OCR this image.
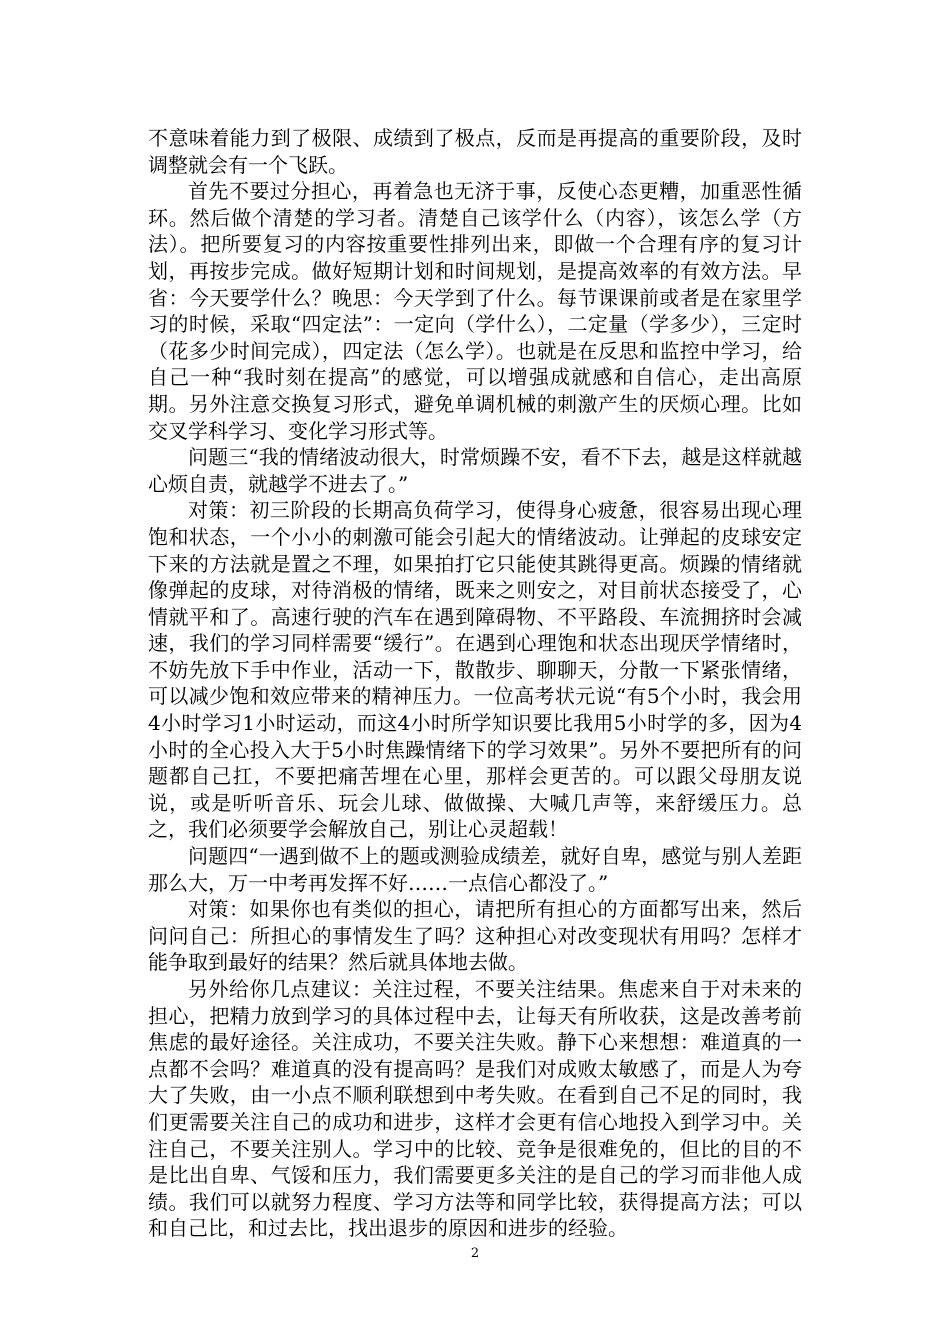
不意味着能力到了极限、成绩到了极点，反而是再提高的重要阶段，及时调整就会有一个飞跃。

首先不要过分担心，再着急也无济于事，反使心态更糟，加重恶性循环。然后做个清楚的学习者。清楚自己该学什么（内容），该怎么学（方法）。把所要复习的内容按重要性排列出来，即做一个合理有序的复习计划，再按步完成。做好短期计划和时间规划，是提高效率的有效方法。早省：今天要学什么？晚思：今天学到了什么。每节课课前或者是在家里学习的时候，采取“四定法”：一定向（学什么），二定量（学多少），三定时（花多少时间完成），四定法（怎么学）。也就是在反思和监控中学习，给自己一种“我时刻在提高”的感觉，可以增强成就感和自信心，走出高原期。另外注意交换复习形式，避免单调机械的刺激产生的厌烦心理。比如交叉学科学习、变化学习形式等。

问题三“我的情绪波动很大，时常烦躁不安，看不下去，越是这样就越心烦自责，就越学不进去了。”

对策：初三阶段的长期高负荷学习，使得身心疲惫，很容易出现心理饱和状态，一个小小的刺激可能会引起大的情绪波动。让弹起的皮球安定下来的方法就是置之不理，如果拍打它只能使其跳得更高。烦躁的情绪就像弹起的皮球，对待消极的情绪，既来之则安之，对目前状态接受了，心情就平和了。高速行驶的汽车在遇到障碍物、不平路段、车流拥挤时会减速，我们的学习同样需要“缓行”。在遇到心理饱和状态出现厌学情绪时，不妨先放下手中作业，活动一下，散散步、聊聊天，分散一下紧张情绪，可以减少饱和效应带来的精神压力。一位高考状元说“有5个小时，我会用4小时学习1小时运动，而这4小时所学知识要比我用5小时学的多，因为4小时的全心投入大于5小时焦躁情绪下的学习效果”。另外不要把所有的问题都自己扛，不要把痛苦埋在心里，那样会更苦的。可以跟父母朋友说说，或是听听音乐、玩会儿球、做做操、大喊几声等，来舒缓压力。总之，我们必须要学会解放自己，别让心灵超载！

问题四“一遇到做不上的题或测验成绩差，就好自卑，感觉与别人差距那么大，万一中考再发挥不好……一点信心都没了。”

对策：如果你也有类似的担心，请把所有担心的方面都写出来，然后问问自己：所担心的事情发生了吗？这种担心对改变现状有用吗？怎样才能争取到最好的结果？然后就具体地去做。

另外给你几点建议：关注过程，不要关注结果。焦虑来自于对未来的担心，把精力放到学习的具体过程中去，让每天有所收获，这是改善考前焦虑的最好途径。关注成功，不要关注失败。静下心来想想：难道真的一点都不会吗？难道真的没有提高吗？是我们对成败太敏感了，而是人为夸大了失败，由一小点不顺利联想到中考失败。在看到自己不足的同时，我们更需要关注自己的成功和进步，这样才会更有信心地投入到学习中。关注自己，不要关注别人。学习中的比较、竞争是很难免的，但比的目的不是比出自卑、气馁和压力，我们需要更多关注的是自己的学习而非他人成绩。我们可以就努力程度、学习方法等和同学比较，获得提高方法；可以和自己比，和过去比，找出退步的原因和进步的经验。

2
